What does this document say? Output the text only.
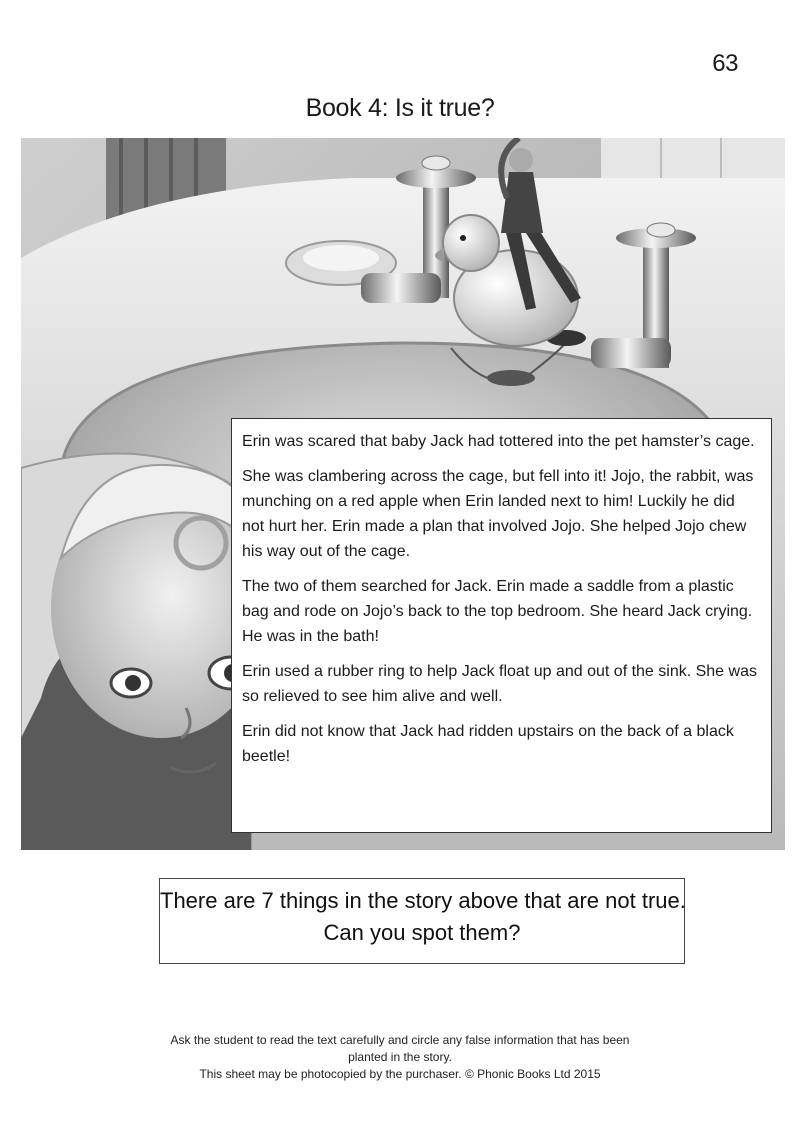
63
Book 4: Is it true?

Erin was scared that baby Jack had tottered into the pet hamster’s cage.

She was clambering across the cage, but fell into it! Jojo, the rabbit, was munching on a red apple when Erin landed next to him! Luckily he did not hurt her. Erin made a plan that involved Jojo. She helped Jojo chew his way out of the cage.

The two of them searched for Jack. Erin made a saddle from a plastic bag and rode on Jojo’s back to the top bedroom. She heard Jack crying. He was in the bath!

Erin used a rubber ring to help Jack float up and out of the sink. She was so relieved to see him alive and well.

Erin did not know that Jack had ridden upstairs on the back of a black beetle!

There are 7 things in the story above that are not true.
Can you spot them?
Ask the student to read the text carefully and circle any false information that has been
planted in the story.
This sheet may be photocopied by the purchaser. © Phonic Books Ltd 2015
